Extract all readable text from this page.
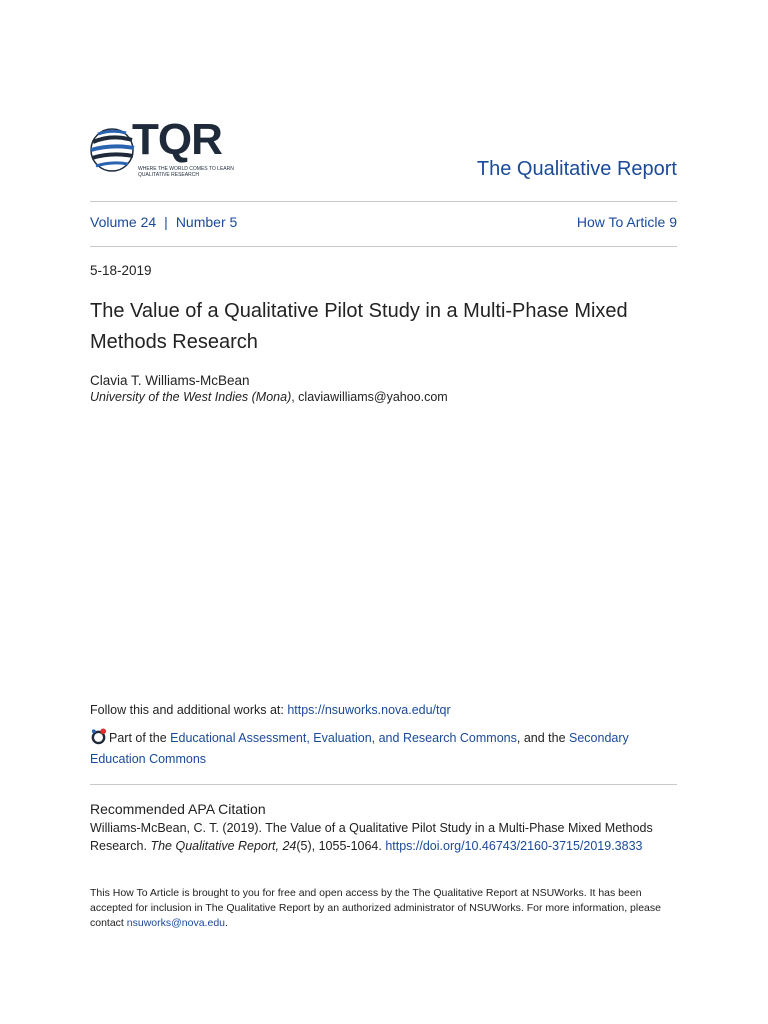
TQR
WHERE THE WORLD COMES TO LEARN QUALITATIVE RESEARCH	The Qualitative Report
Volume 24 | Number 5	How To Article 9
5-18-2019
The Value of a Qualitative Pilot Study in a Multi-Phase Mixed Methods Research
Clavia T. Williams-McBean
University of the West Indies (Mona), claviawilliams@yahoo.com
Follow this and additional works at: https://nsuworks.nova.edu/tqr
Part of the Educational Assessment, Evaluation, and Research Commons, and the Secondary Education Commons
Recommended APA Citation
Williams-McBean, C. T. (2019). The Value of a Qualitative Pilot Study in a Multi-Phase Mixed Methods Research. The Qualitative Report, 24(5), 1055-1064. https://doi.org/10.46743/2160-3715/2019.3833
This How To Article is brought to you for free and open access by the The Qualitative Report at NSUWorks. It has been accepted for inclusion in The Qualitative Report by an authorized administrator of NSUWorks. For more information, please contact nsuworks@nova.edu.
